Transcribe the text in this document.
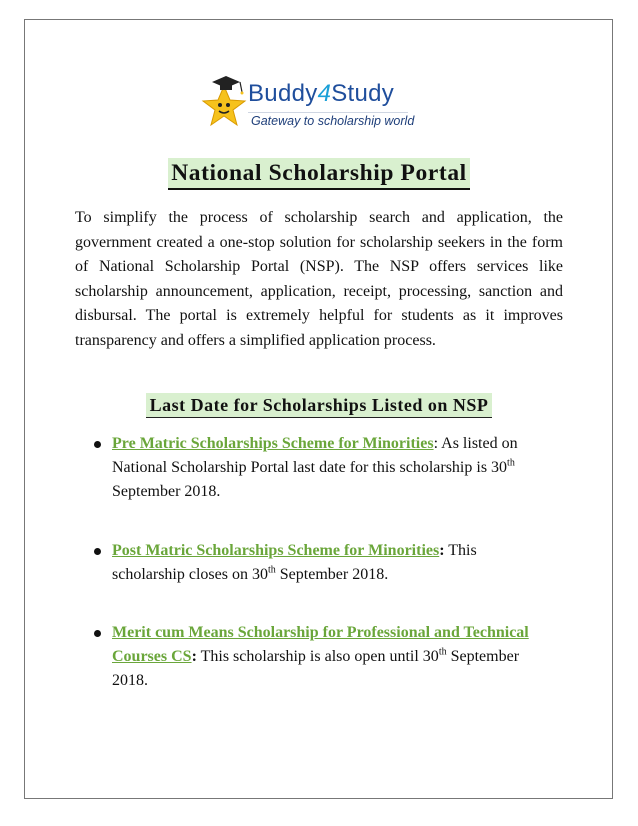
Buddy4Study
Gateway to scholarship world
National Scholarship Portal

To simplify the process of scholarship search and application, the government created a one-stop solution for scholarship seekers in the form of National Scholarship Portal (NSP). The NSP offers services like scholarship announcement, application, receipt, processing, sanction and disbursal. The portal is extremely helpful for students as it improves transparency and offers a simplified application process.

Last Date for Scholarships Listed on NSP
Pre Matric Scholarships Scheme for Minorities: As listed on National Scholarship Portal last date for this scholarship is 30th September 2018.
Post Matric Scholarships Scheme for Minorities: This scholarship closes on 30th September 2018.
Merit cum Means Scholarship for Professional and Technical Courses CS: This scholarship is also open until 30th September 2018.
